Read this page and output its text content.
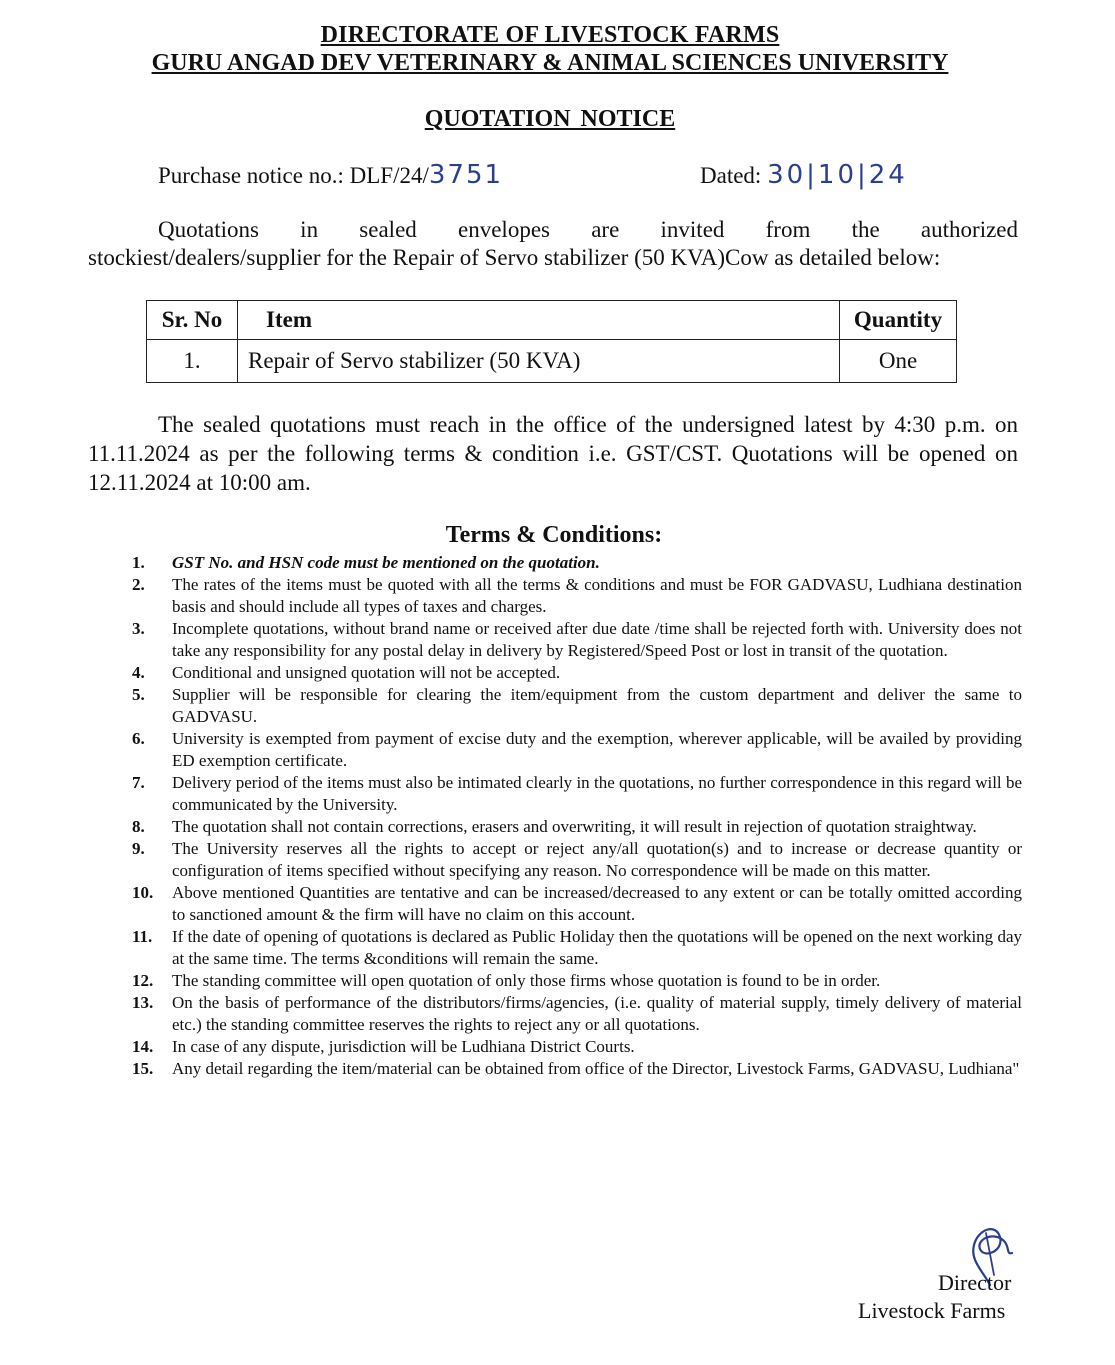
DIRECTORATE OF LIVESTOCK FARMS
GURU ANGAD DEV VETERINARY & ANIMAL SCIENCES UNIVERSITY
QUOTATION NOTICE
Purchase notice no.: DLF/24/3751	Dated: 30|10|24
Quotations in sealed envelopes are invited from the authorized
stockiest/dealers/supplier for the Repair of Servo stabilizer (50 KVA)Cow as detailed below:
Sr. No	Item	Quantity
1.	Repair of Servo stabilizer (50 KVA)	One
The sealed quotations must reach in the office of the undersigned latest by 4:30 p.m. on
11.11.2024 as per the following terms & condition i.e. GST/CST. Quotations will be opened on
12.11.2024 at 10:00 am.
Terms & Conditions:
1.	GST No. and HSN code must be mentioned on the quotation.
2.	The rates of the items must be quoted with all the terms & conditions and must be FOR GADVASU, Ludhiana destination basis and should include all types of taxes and charges.
3.	Incomplete quotations, without brand name or received after due date /time shall be rejected forth with. University does not take any responsibility for any postal delay in delivery by Registered/Speed Post or lost in transit of the quotation.
4.	Conditional and unsigned quotation will not be accepted.
5.	Supplier will be responsible for clearing the item/equipment from the custom department and deliver the same to GADVASU.
6.	University is exempted from payment of excise duty and the exemption, wherever applicable, will be availed by providing ED exemption certificate.
7.	Delivery period of the items must also be intimated clearly in the quotations, no further correspondence in this regard will be communicated by the University.
8.	The quotation shall not contain corrections, erasers and overwriting, it will result in rejection of quotation straightway.
9.	The University reserves all the rights to accept or reject any/all quotation(s) and to increase or decrease quantity or configuration of items specified without specifying any reason. No correspondence will be made on this matter.
10.	Above mentioned Quantities are tentative and can be increased/decreased to any extent or can be totally omitted according to sanctioned amount & the firm will have no claim on this account.
11.	If the date of opening of quotations is declared as Public Holiday then the quotations will be opened on the next working day at the same time. The terms &conditions will remain the same.
12.	The standing committee will open quotation of only those firms whose quotation is found to be in order.
13.	On the basis of performance of the distributors/firms/agencies, (i.e. quality of material supply, timely delivery of material etc.) the standing committee reserves the rights to reject any or all quotations.
14.	In case of any dispute, jurisdiction will be Ludhiana District Courts.
15.	Any detail regarding the item/material can be obtained from office of the Director, Livestock Farms, GADVASU, Ludhiana"
Director
Livestock Farms
